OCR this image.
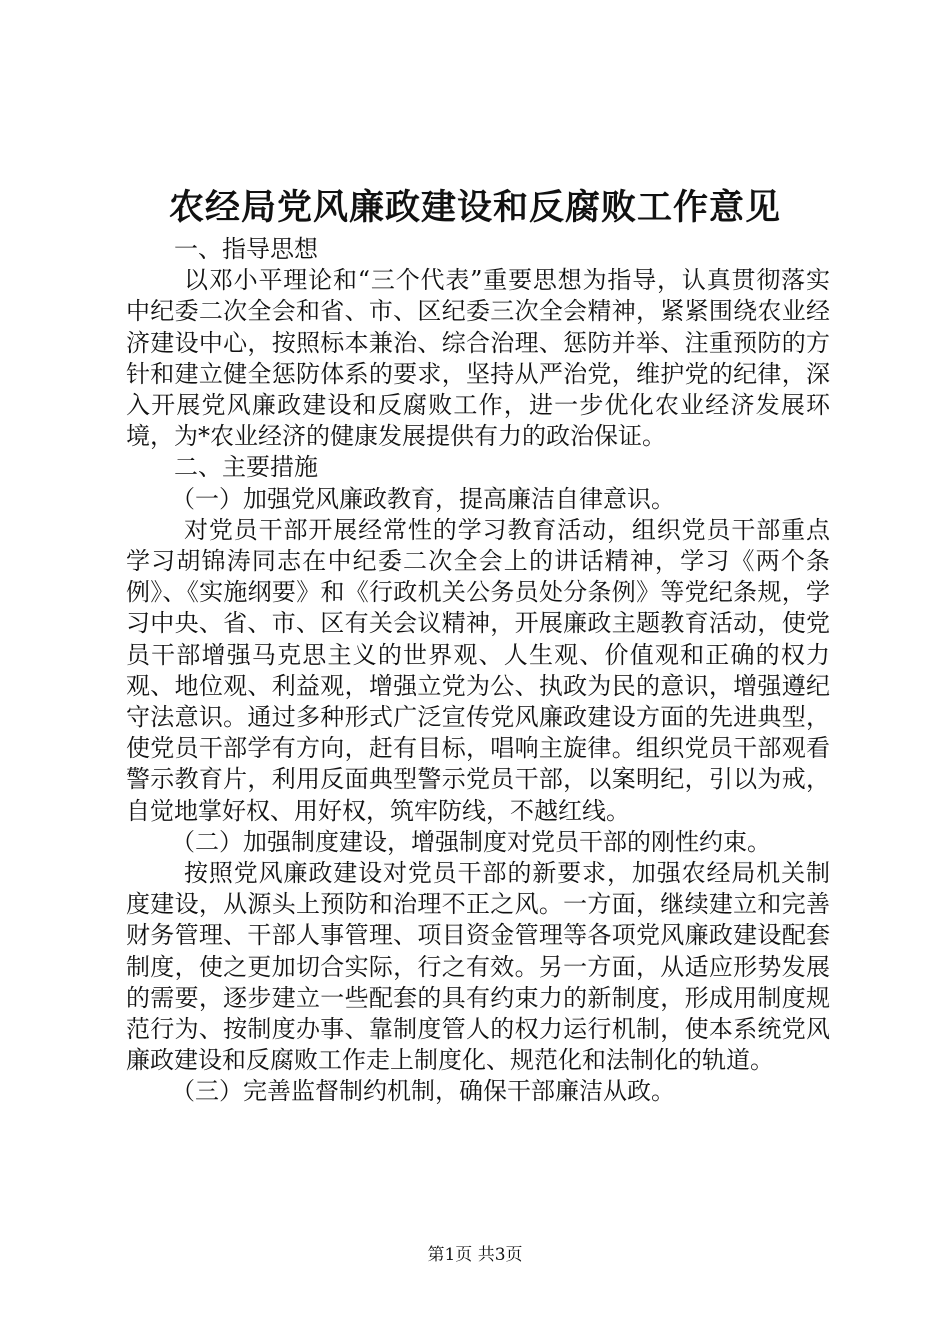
农经局党风廉政建设和反腐败工作意见

一、指导思想

以邓小平理论和“三个代表”重要思想为指导，认真贯彻落实中纪委二次全会和省、市、区纪委三次全会精神，紧紧围绕农业经济建设中心，按照标本兼治、综合治理、惩防并举、注重预防的方针和建立健全惩防体系的要求，坚持从严治党，维护党的纪律，深入开展党风廉政建设和反腐败工作，进一步优化农业经济发展环境，为*农业经济的健康发展提供有力的政治保证。

二、主要措施

（一）加强党风廉政教育，提高廉洁自律意识。

对党员干部开展经常性的学习教育活动，组织党员干部重点学习胡锦涛同志在中纪委二次全会上的讲话精神，学习《两个条例》、《实施纲要》和《行政机关公务员处分条例》等党纪条规，学习中央、省、市、区有关会议精神，开展廉政主题教育活动，使党员干部增强马克思主义的世界观、人生观、价值观和正确的权力观、地位观、利益观，增强立党为公、执政为民的意识，增强遵纪守法意识。通过多种形式广泛宣传党风廉政建设方面的先进典型，使党员干部学有方向，赶有目标，唱响主旋律。组织党员干部观看警示教育片，利用反面典型警示党员干部，以案明纪，引以为戒，自觉地掌好权、用好权，筑牢防线，不越红线。

（二）加强制度建设，增强制度对党员干部的刚性约束。

按照党风廉政建设对党员干部的新要求，加强农经局机关制度建设，从源头上预防和治理不正之风。一方面，继续建立和完善财务管理、干部人事管理、项目资金管理等各项党风廉政建设配套制度，使之更加切合实际，行之有效。另一方面，从适应形势发展的需要，逐步建立一些配套的具有约束力的新制度，形成用制度规范行为、按制度办事、靠制度管人的权力运行机制，使本系统党风廉政建设和反腐败工作走上制度化、规范化和法制化的轨道。

（三）完善监督制约机制，确保干部廉洁从政。

第1页 共3页
